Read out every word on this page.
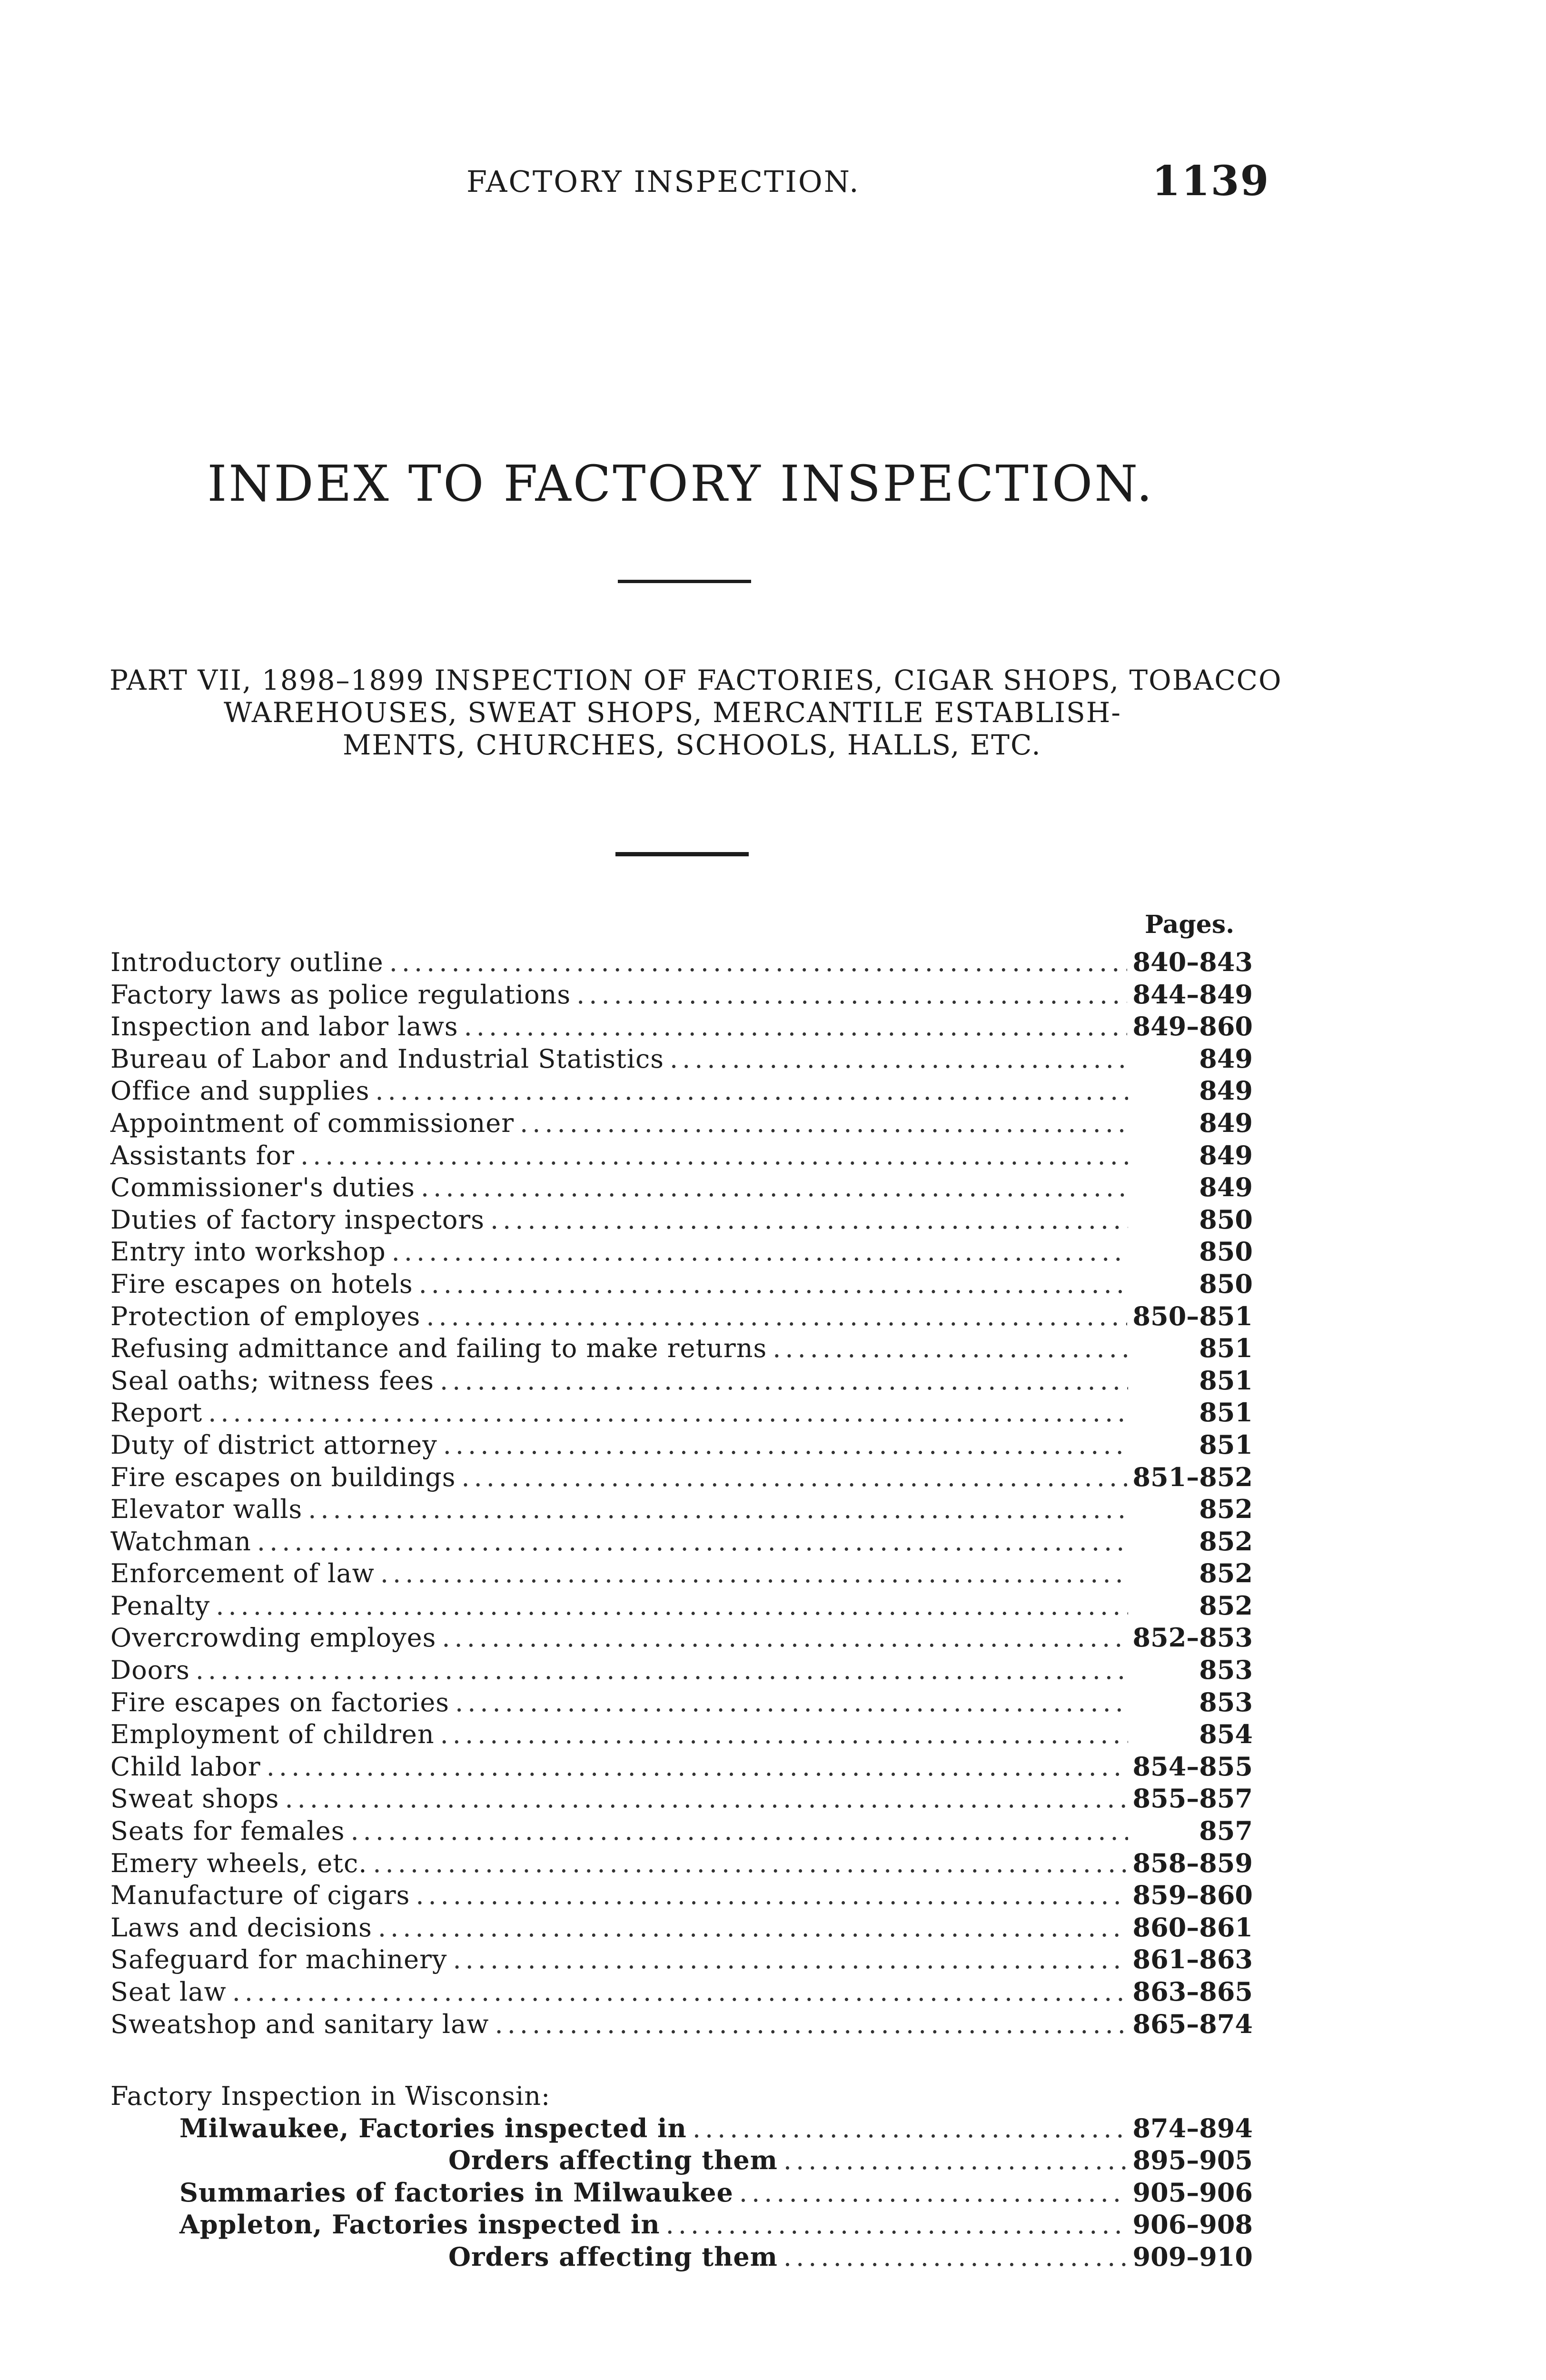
FACTORY INSPECTION.	1139
INDEX TO FACTORY INSPECTION.
PART VII, 1898–1899 INSPECTION OF FACTORIES, CIGAR SHOPS, TOBACCO
WAREHOUSES, SWEAT SHOPS, MERCANTILE ESTABLISH-
MENTS, CHURCHES, SCHOOLS, HALLS, ETC.
Pages.
Introductory outline .....	840–843
Factory laws as police regulations .....	844–849
Inspection and labor laws .....	849–860
Bureau of Labor and Industrial Statistics .....	849
Office and supplies .....	849
Appointment of commissioner .....	849
Assistants for .....	849
Commissioner's duties .....	849
Duties of factory inspectors .....	850
Entry into workshop .....	850
Fire escapes on hotels .....	850
Protection of employes .....	850–851
Refusing admittance and failing to make returns .....	851
Seal oaths; witness fees .....	851
Report .....	851
Duty of district attorney .....	851
Fire escapes on buildings .....	851–852
Elevator walls .....	852
Watchman .....	852
Enforcement of law .....	852
Penalty .....	852
Overcrowding employes .....	852–853
Doors .....	853
Fire escapes on factories .....	853
Employment of children .....	854
Child labor .....	854–855
Sweat shops .....	855–857
Seats for females .....	857
Emery wheels, etc. .....	858–859
Manufacture of cigars .....	859–860
Laws and decisions .....	860–861
Safeguard for machinery .....	861–863
Seat law .....	863–865
Sweatshop and sanitary law .....	865–874
Factory Inspection in Wisconsin:
Milwaukee, Factories inspected in .....	874–894
Orders affecting them .....	895–905
Summaries of factories in Milwaukee .....	905–906
Appleton, Factories inspected in .....	906–908
Orders affecting them .....	909–910
